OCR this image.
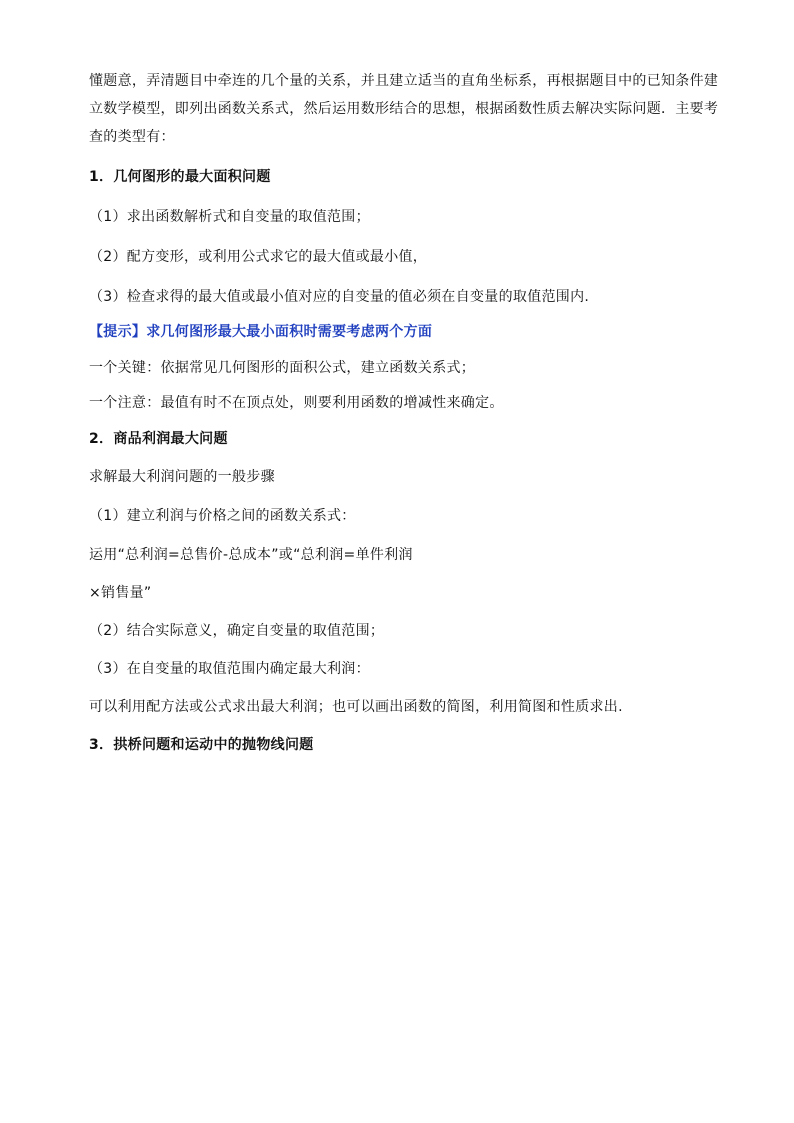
懂题意，弄清题目中牵连的几个量的关系，并且建立适当的直角坐标系，再根据题目中的已知条件建
立数学模型，即列出函数关系式，然后运用数形结合的思想，根据函数性质去解决实际问题．主要考
查的类型有：
1．几何图形的最大面积问题
（1）求出函数解析式和自变量的取值范围；
（2）配方变形，或利用公式求它的最大值或最小值，
（3）检查求得的最大值或最小值对应的自变量的值必须在自变量的取值范围内.
【提示】求几何图形最大最小面积时需要考虑两个方面
一个关键：依据常见几何图形的面积公式，建立函数关系式；
一个注意：最值有时不在顶点处，则要利用函数的增减性来确定。
2．商品利润最大问题
求解最大利润问题的一般步骤
（1）建立利润与价格之间的函数关系式：
运用“总利润=总售价-总成本”或“总利润=单件利润
×销售量”
（2）结合实际意义，确定自变量的取值范围；
（3）在自变量的取值范围内确定最大利润：
可以利用配方法或公式求出最大利润；也可以画出函数的简图，利用简图和性质求出.
3．拱桥问题和运动中的抛物线问题
